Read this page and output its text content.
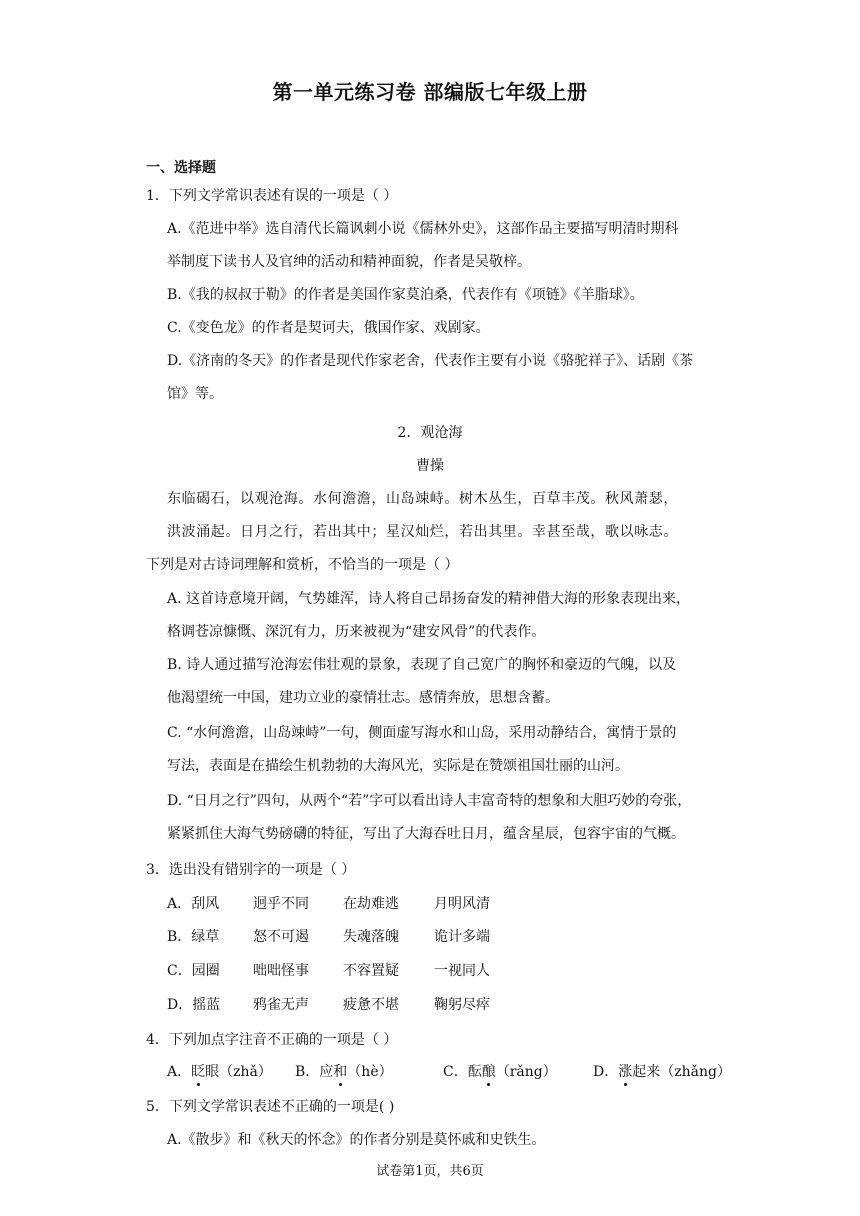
第一单元练习卷 部编版七年级上册
一、选择题
1．下列文学常识表述有误的一项是（ ）
A.《范进中举》选自清代长篇讽刺小说《儒林外史》，这部作品主要描写明清时期科
举制度下读书人及官绅的活动和精神面貌，作者是吴敬梓。
B.《我的叔叔于勒》的作者是美国作家莫泊桑，代表作有《项链》《羊脂球》。
C.《变色龙》的作者是契诃夫，俄国作家、戏剧家。
D.《济南的冬天》的作者是现代作家老舍，代表作主要有小说《骆驼祥子》、话剧《茶
馆》等。
2．观沧海
曹操
东临碣石，以观沧海。水何澹澹，山岛竦峙。树木丛生，百草丰茂。秋风萧瑟，
洪波涌起。日月之行，若出其中；星汉灿烂，若出其里。幸甚至哉，歌以咏志。
下列是对古诗词理解和赏析，不恰当的一项是（ ）
A. 这首诗意境开阔，气势雄浑，诗人将自己昂扬奋发的精神借大海的形象表现出来，
格调苍凉慷慨、深沉有力，历来被视为“建安风骨”的代表作。
B. 诗人通过描写沧海宏伟壮观的景象，表现了自己宽广的胸怀和豪迈的气魄，以及
他渴望统一中国，建功立业的豪情壮志。感情奔放，思想含蓄。
C. “水何澹澹，山岛竦峙”一句，侧面虚写海水和山岛，采用动静结合，寓情于景的
写法，表面是在描绘生机勃勃的大海风光，实际是在赞颂祖国壮丽的山河。
D. “日月之行”四句，从两个“若”字可以看出诗人丰富奇特的想象和大胆巧妙的夸张，
紧紧抓住大海气势磅礴的特征，写出了大海吞吐日月，蕴含星辰，包容宇宙的气概。
3．选出没有错别字的一项是（ ）
A．刮风 迥乎不同 在劫难逃	月明风清
B．绿草 怒不可遏 失魂落魄	诡计多端
C．园圈 咄咄怪事 不容置疑	一视同人
D．摇蓝 鸦雀无声 疲惫不堪	鞠躬尽瘁
4．下列加点字注音不正确的一项是（ ）
A．眨眼（zhǎ） B．应和（hè）	C．酝酿（rǎng）	D．涨起来（zhǎng）
5．下列文学常识表述不正确的一项是( )
A.《散步》和《秋天的怀念》的作者分别是莫怀戚和史铁生。
试卷第1页，共6页
